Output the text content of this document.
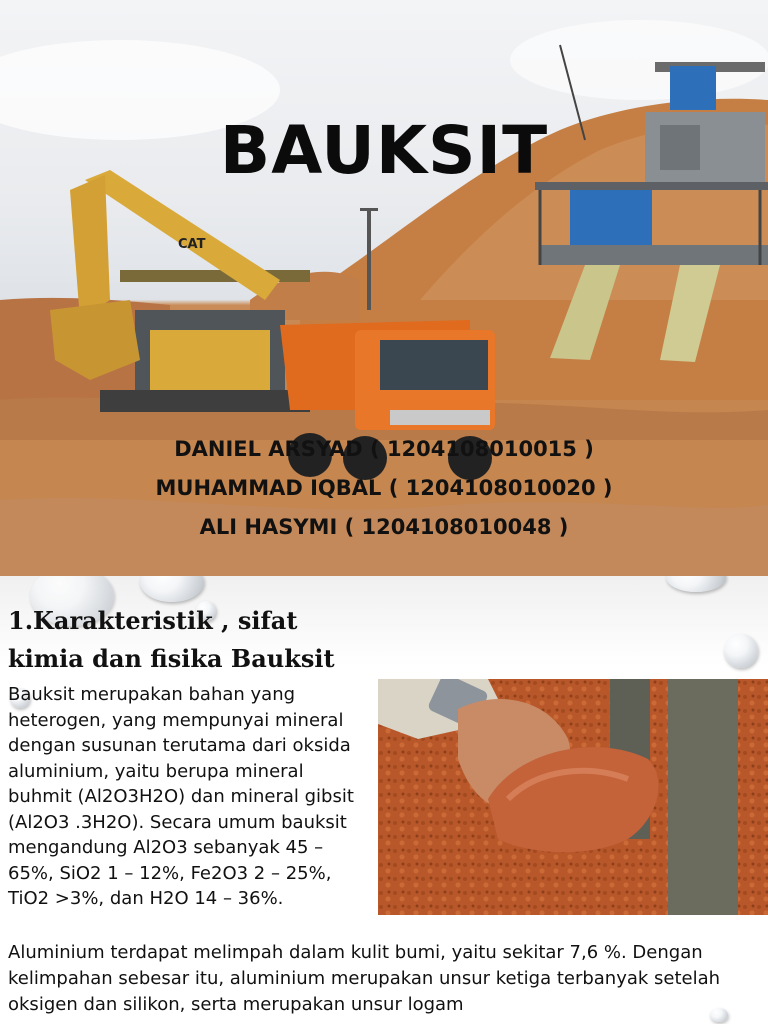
CAT
BAUKSIT
DANIEL ARSYAD ( 1204108010015 )
MUHAMMAD IQBAL ( 1204108010020 )
ALI HASYMI ( 1204108010048 )
1.Karakteristik , sifat kimia dan fisika Bauksit

Bauksit merupakan bahan yang heterogen, yang mempunyai mineral dengan susunan terutama dari oksida aluminium, yaitu berupa mineral buhmit (Al2O3H2O) dan mineral gibsit (Al2O3 .3H2O). Secara umum bauksit mengandung Al2O3 sebanyak 45 – 65%, SiO2 1 – 12%, Fe2O3 2 – 25%, TiO2 >3%, dan H2O 14 – 36%.

Aluminium terdapat melimpah dalam kulit bumi, yaitu sekitar 7,6 %. Dengan kelimpahan sebesar itu, aluminium merupakan unsur ketiga terbanyak setelah oksigen dan silikon, serta merupakan unsur logam
